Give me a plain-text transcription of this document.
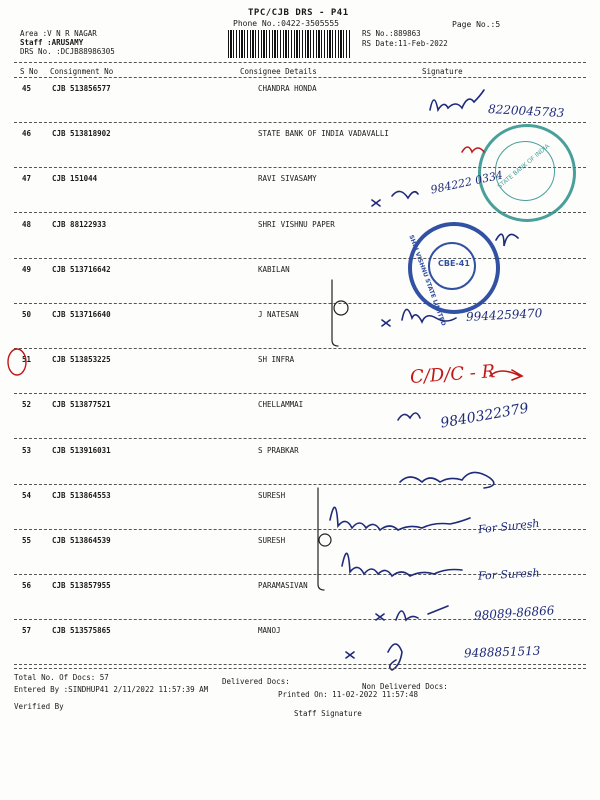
TPC/CJB DRS - P41
Phone No.:0422-3505555	Page No.:5
Area :V N R NAGAR
Staff :ARUSAMY
DRS No. :DCJB88986305
RS No.:889863
RS Date:11-Feb-2022
S No Consignment No	Consignee Details	Signature
45	CJB 513856577	CHANDRA HONDA
46	CJB 513818902	STATE BANK OF INDIA VADAVALLI
47	CJB 151044	RAVI SIVASAMY
48	CJB 88122933	SHRI VISHNU PAPER
49	CJB 513716642	KABILAN
50	CJB 513716640	J NATESAN
51	CJB 513853225	SH INFRA
52	CJB 513877521	CHELLAMMAI
53	CJB 513916031	S PRABKAR
54	CJB 513864553	SURESH
55	CJB 513864539	SURESH
56	CJB 513857955	PARAMASIVAN
57	CJB 513575865	MANOJ
STATE BANK OF INDIA
SHRI VISHNU STATE LIMITED
CBE-41
8220045783
984222 0334
9944259470
C/D/C - R
9840322379
For Suresh
For Suresh
98089-86866
9488851513
Total No. Of Docs: 57	Delivered Docs:
Non Delivered Docs:
Entered By :SINDHUP41 2/11/2022 11:57:39 AM
Printed On: 11-02-2022 11:57:48
Verified By
Staff Signature
